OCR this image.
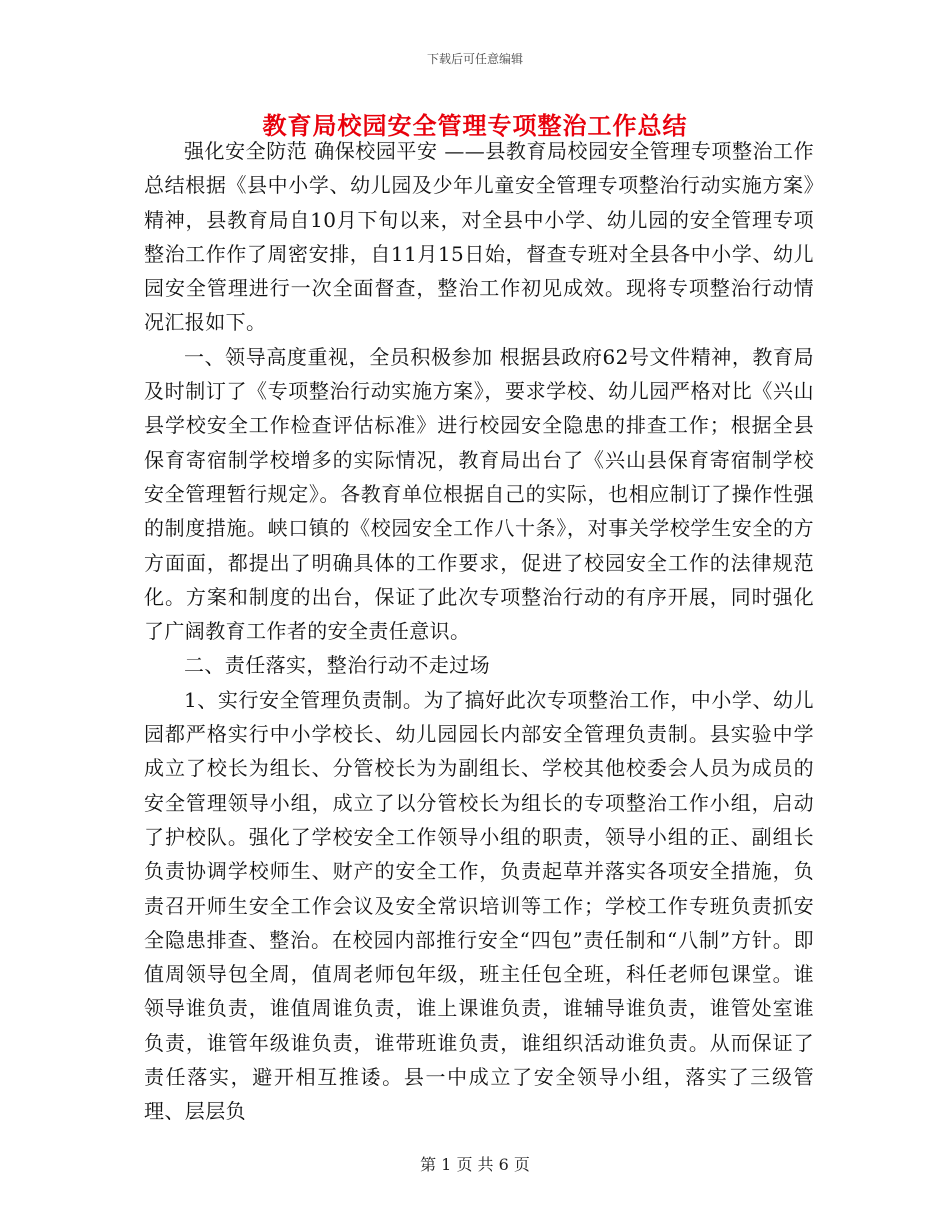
下载后可任意编辑
教育局校园安全管理专项整治工作总结

强化安全防范 确保校园平安 ——县教育局校园安全管理专项整治工作总结根据《县中小学、幼儿园及少年儿童安全管理专项整治行动实施方案》精神，县教育局自10月下旬以来，对全县中小学、幼儿园的安全管理专项整治工作作了周密安排，自11月15日始，督查专班对全县各中小学、幼儿园安全管理进行一次全面督查，整治工作初见成效。现将专项整治行动情况汇报如下。

一、领导高度重视，全员积极参加 根据县政府62号文件精神，教育局及时制订了《专项整治行动实施方案》，要求学校、幼儿园严格对比《兴山县学校安全工作检查评估标准》进行校园安全隐患的排查工作；根据全县保育寄宿制学校增多的实际情况，教育局出台了《兴山县保育寄宿制学校安全管理暂行规定》。各教育单位根据自己的实际，也相应制订了操作性强的制度措施。峡口镇的《校园安全工作八十条》，对事关学校学生安全的方方面面，都提出了明确具体的工作要求，促进了校园安全工作的法律规范化。方案和制度的出台，保证了此次专项整治行动的有序开展，同时强化了广阔教育工作者的安全责任意识。

二、责任落实，整治行动不走过场

1、实行安全管理负责制。为了搞好此次专项整治工作，中小学、幼儿园都严格实行中小学校长、幼儿园园长内部安全管理负责制。县实验中学成立了校长为组长、分管校长为为副组长、学校其他校委会人员为成员的安全管理领导小组，成立了以分管校长为组长的专项整治工作小组，启动了护校队。强化了学校安全工作领导小组的职责，领导小组的正、副组长负责协调学校师生、财产的安全工作，负责起草并落实各项安全措施，负责召开师生安全工作会议及安全常识培训等工作；学校工作专班负责抓安全隐患排查、整治。在校园内部推行安全“四包”责任制和“八制”方针。即值周领导包全周，值周老师包年级，班主任包全班，科任老师包课堂。谁领导谁负责，谁值周谁负责，谁上课谁负责，谁辅导谁负责，谁管处室谁负责，谁管年级谁负责，谁带班谁负责，谁组织活动谁负责。从而保证了责任落实，避开相互推诿。县一中成立了安全领导小组，落实了三级管理、层层负

第 1 页 共 6 页
